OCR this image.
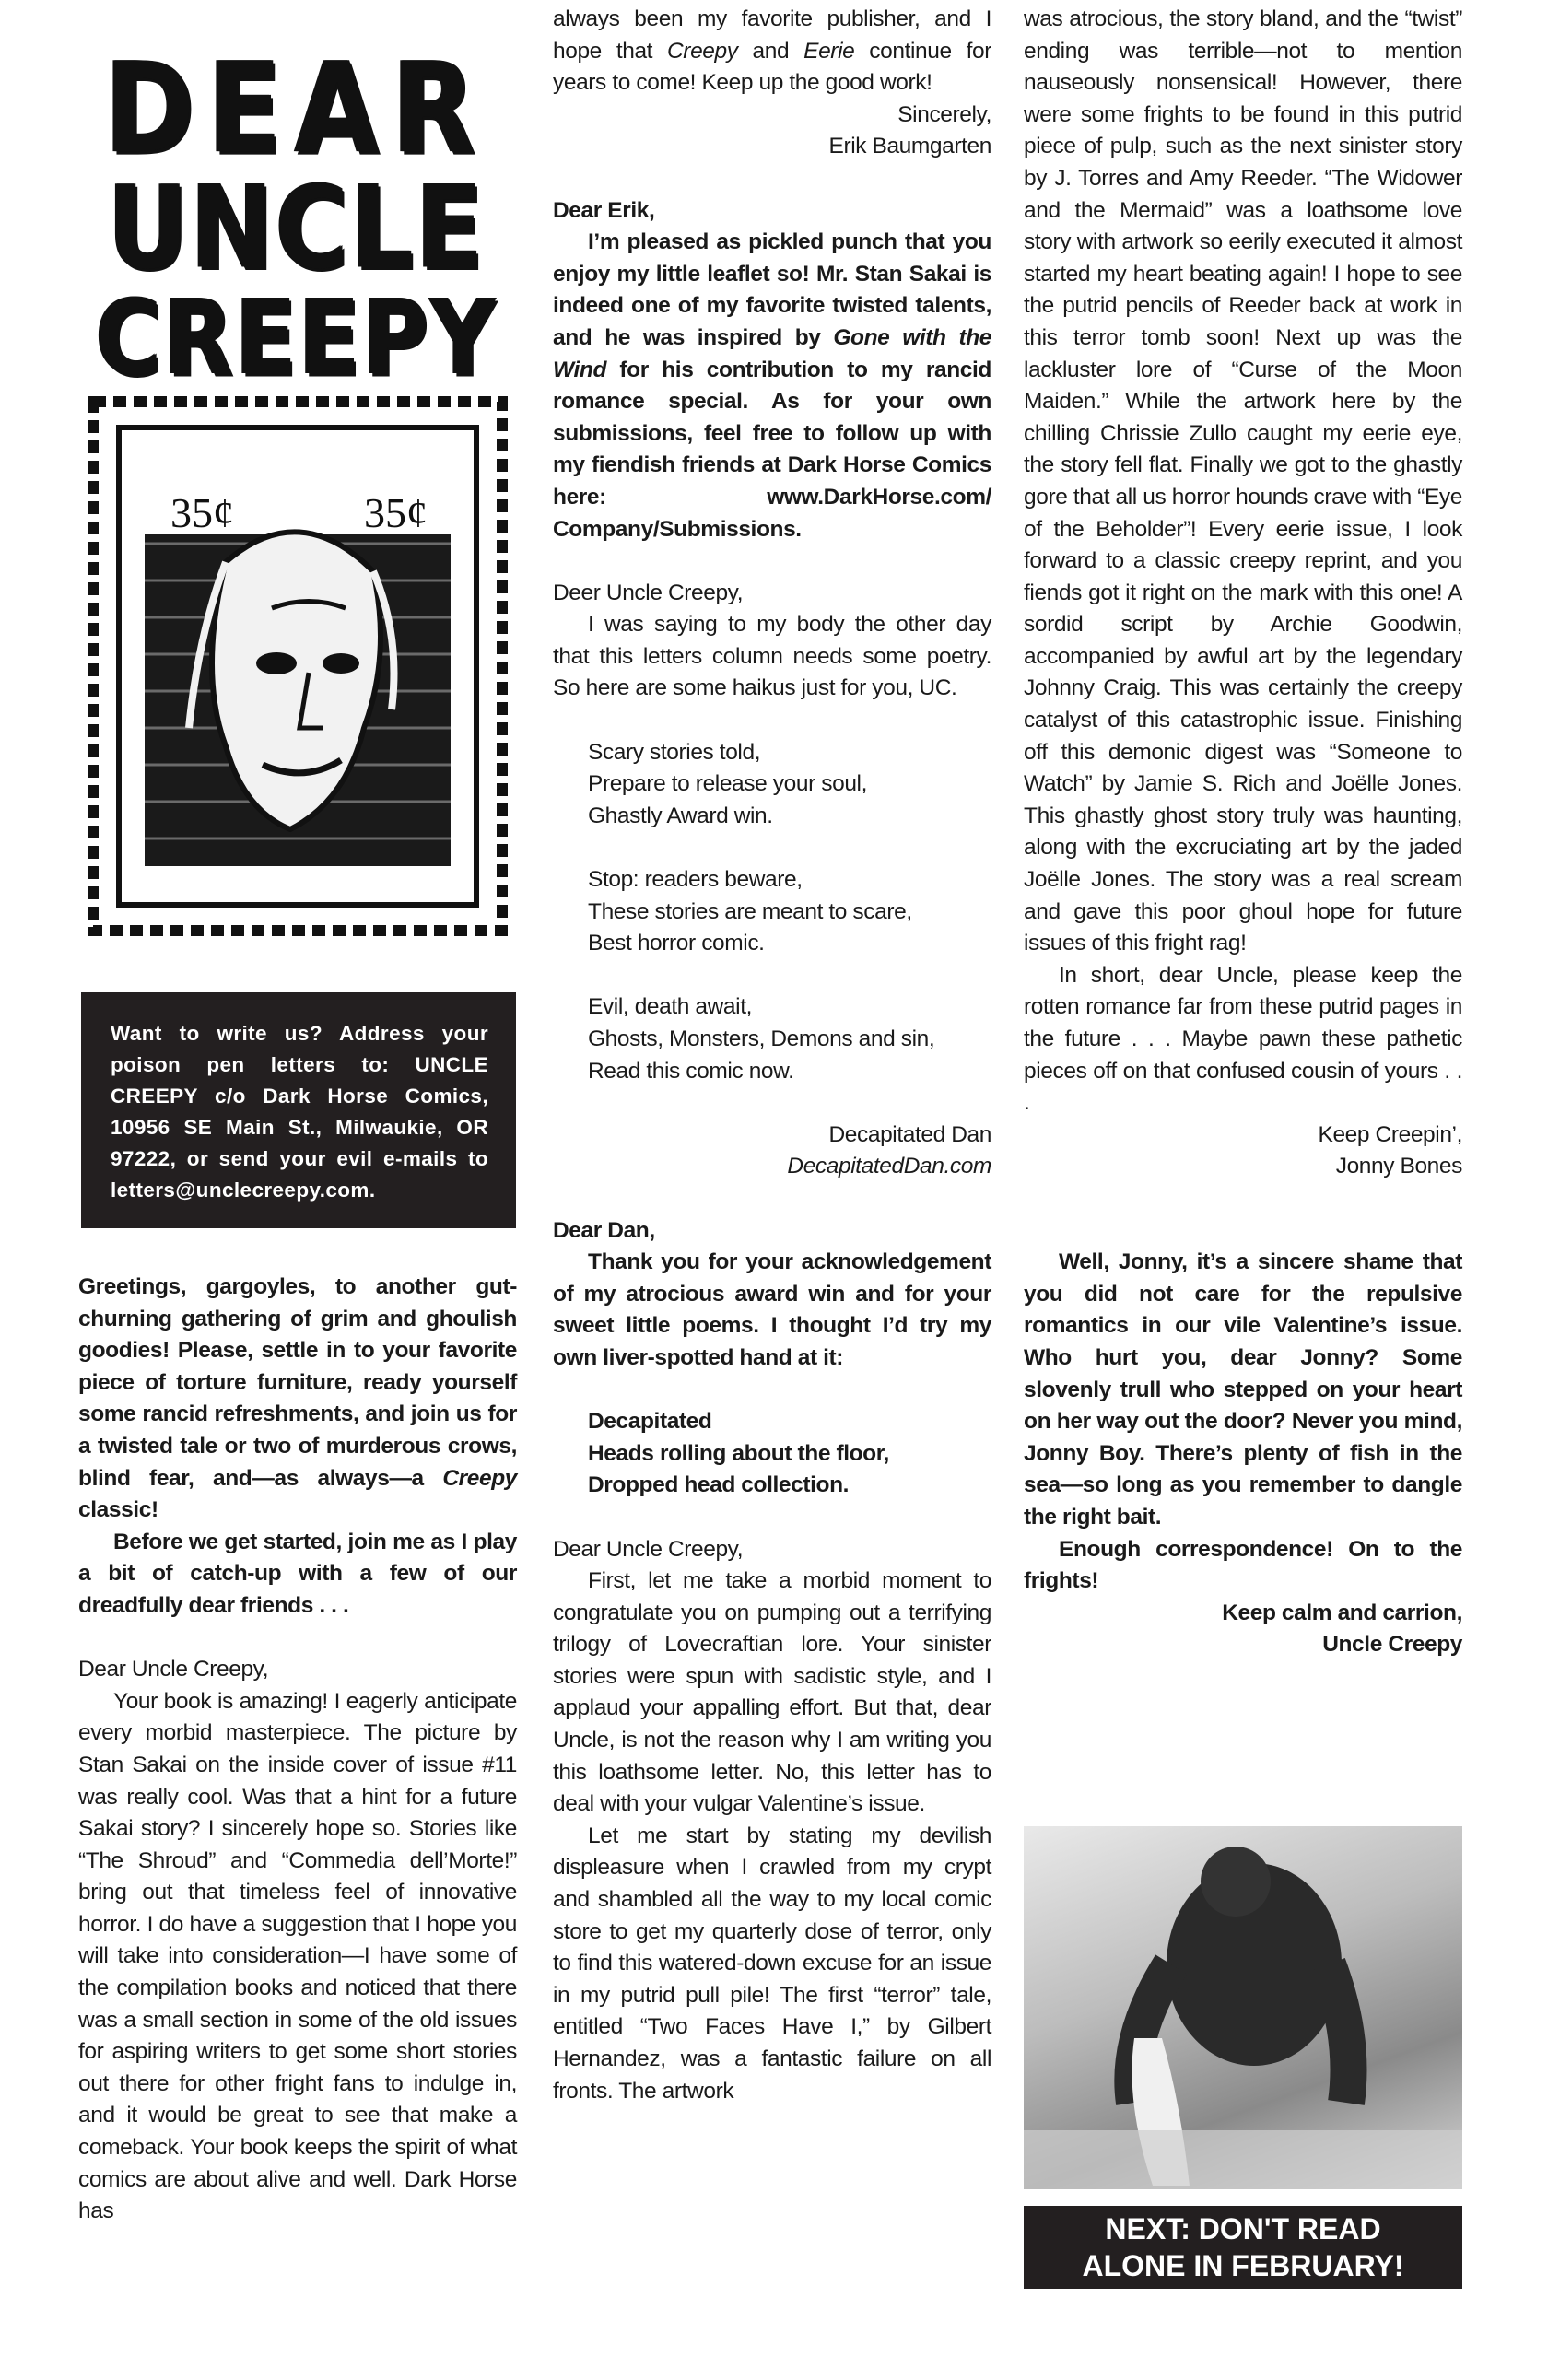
DEAR
UNCLE
CREEPY
35¢	35¢
Want to write us? Address your poison pen letters to: UNCLE CREEPY c/o Dark Horse Comics, 10956 SE Main St., Milwaukie, OR 97222, or send your evil e-mails to letters@unclecreepy.com.

Greetings, gargoyles, to another gut-churning gathering of grim and ghoulish goodies! Please, settle in to your favorite piece of torture furniture, ready yourself some rancid refreshments, and join us for a twisted tale or two of murderous crows, blind fear, and—as always—a Creepy classic!

Before we get started, join me as I play a bit of catch-up with a few of our dreadfully dear friends . . .

Dear Uncle Creepy,

Your book is amazing! I eagerly anticipate every morbid masterpiece. The picture by Stan Sakai on the inside cover of issue #11 was really cool. Was that a hint for a future Sakai story? I sincerely hope so. Stories like “The Shroud” and “Commedia dell’Morte!” bring out that timeless feel of innovative horror. I do have a suggestion that I hope you will take into consideration—I have some of the compilation books and noticed that there was a small section in some of the old issues for aspiring writers to get some short stories out there for other fright fans to indulge in, and it would be great to see that make a comeback. Your book keeps the spirit of what comics are about alive and well. Dark Horse has

always been my favorite publisher, and I hope that Creepy and Eerie continue for years to come! Keep up the good work!

Sincerely,

Erik Baumgarten

Dear Erik,

I’m pleased as pickled punch that you enjoy my little leaflet so! Mr. Stan Sakai is indeed one of my favorite twisted talents, and he was inspired by Gone with the Wind for his contribution to my rancid romance special. As for your own submissions, feel free to follow up with my fiendish friends at Dark Horse Comics here: www.DarkHorse.com/ Company/Submissions.

Deer Uncle Creepy,

I was saying to my body the other day that this letters column needs some poetry. So here are some haikus just for you, UC.

Scary stories told,

Prepare to release your soul,

Ghastly Award win.

Stop: readers beware,

These stories are meant to scare,

Best horror comic.

Evil, death await,

Ghosts, Monsters, Demons and sin,

Read this comic now.

Decapitated Dan

DecapitatedDan.com

Dear Dan,

Thank you for your acknowledgement of my atrocious award win and for your sweet little poems. I thought I’d try my own liver-spotted hand at it:

Decapitated

Heads rolling about the floor,

Dropped head collection.

Dear Uncle Creepy,

First, let me take a morbid moment to congratulate you on pumping out a terrifying trilogy of Lovecraftian lore. Your sinister stories were spun with sadistic style, and I applaud your appalling effort. But that, dear Uncle, is not the reason why I am writing you this loathsome letter. No, this letter has to deal with your vulgar Valentine’s issue.

Let me start by stating my devilish displeasure when I crawled from my crypt and shambled all the way to my local comic store to get my quarterly dose of terror, only to find this watered-down excuse for an issue in my putrid pull pile! The first “terror” tale, entitled “Two Faces Have I,” by Gilbert Hernandez, was a fantastic failure on all fronts. The artwork

was atrocious, the story bland, and the “twist” ending was terrible—not to mention nauseously nonsensical! However, there were some frights to be found in this putrid piece of pulp, such as the next sinister story by J. Torres and Amy Reeder. “The Widower and the Mermaid” was a loathsome love story with artwork so eerily executed it almost started my heart beating again! I hope to see the putrid pencils of Reeder back at work in this terror tomb soon! Next up was the lackluster lore of “Curse of the Moon Maiden.” While the artwork here by the chilling Chrissie Zullo caught my eerie eye, the story fell flat. Finally we got to the ghastly gore that all us horror hounds crave with “Eye of the Beholder”! Every eerie issue, I look forward to a classic creepy reprint, and you fiends got it right on the mark with this one! A sordid script by Archie Goodwin, accompanied by awful art by the legendary Johnny Craig. This was certainly the creepy catalyst of this catastrophic issue. Finishing off this demonic digest was “Someone to Watch” by Jamie S. Rich and Joëlle Jones. This ghastly ghost story truly was haunting, along with the excruciating art by the jaded Joëlle Jones. The story was a real scream and gave this poor ghoul hope for future issues of this fright rag!

In short, dear Uncle, please keep the rotten romance far from these putrid pages in the future . . . Maybe pawn these pathetic pieces off on that confused cousin of yours . . .

Keep Creepin’,

Jonny Bones

Well, Jonny, it’s a sincere shame that you did not care for the repulsive romantics in our vile Valentine’s issue. Who hurt you, dear Jonny? Some slovenly trull who stepped on your heart on her way out the door? Never you mind, Jonny Boy. There’s plenty of fish in the sea—so long as you remember to dangle the right bait.

Enough correspondence! On to the frights!

Keep calm and carrion,

Uncle Creepy

NEXT: DON'T READ
ALONE IN FEBRUARY!
